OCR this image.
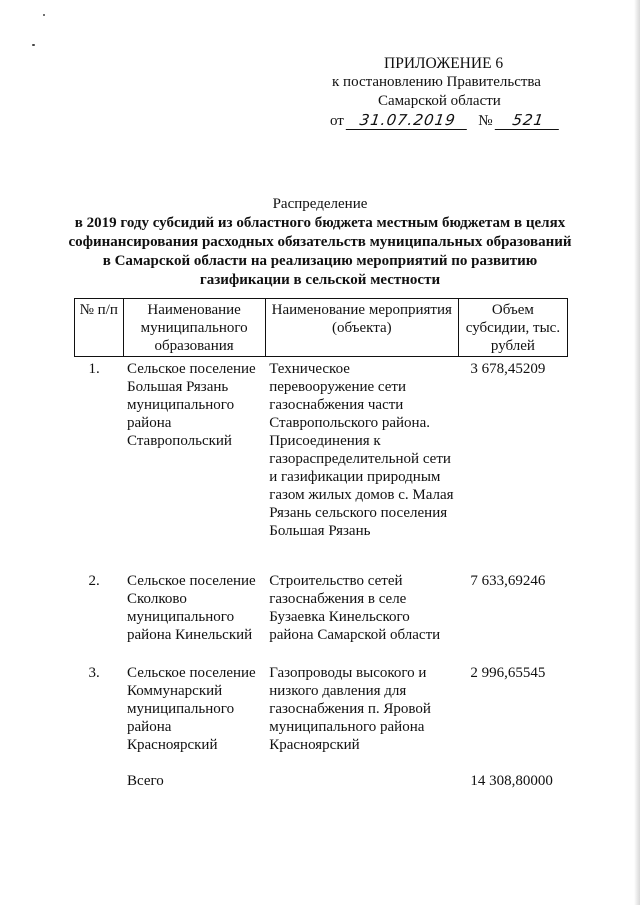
ПРИЛОЖЕНИЕ 6
к постановлению Правительства
Самарской области
от 31.07.2019	№	521
Распределение
в 2019 году субсидий из областного бюджета местным бюджетам в целях
софинансирования расходных обязательств муниципальных образований
в Самарской области на реализацию мероприятий по развитию
газификации в сельской местности
№ п/п	Наименование муниципального образования	Наименование мероприятия (объекта)	Объем субсидии, тыс. рублей
1.	Сельское поселение Большая Рязань муниципального района Ставропольский	Техническое перевооружение сети газоснабжения части Ставропольского района. Присоединения к газораспределительной сети и газификации природным газом жилых домов с. Малая Рязань сельского поселения Большая Рязань	3 678,45209
2.	Сельское поселение Сколково муниципального района Кинельский	Строительство сетей газоснабжения в селе Бузаевка Кинельского района Самарской области	7 633,69246
3.	Сельское поселение Коммунарский муниципального района Красноярский	Газопроводы высокого и низкого давления для газоснабжения п. Яровой муниципального района Красноярский	2 996,65545
	Всего		14 308,80000
